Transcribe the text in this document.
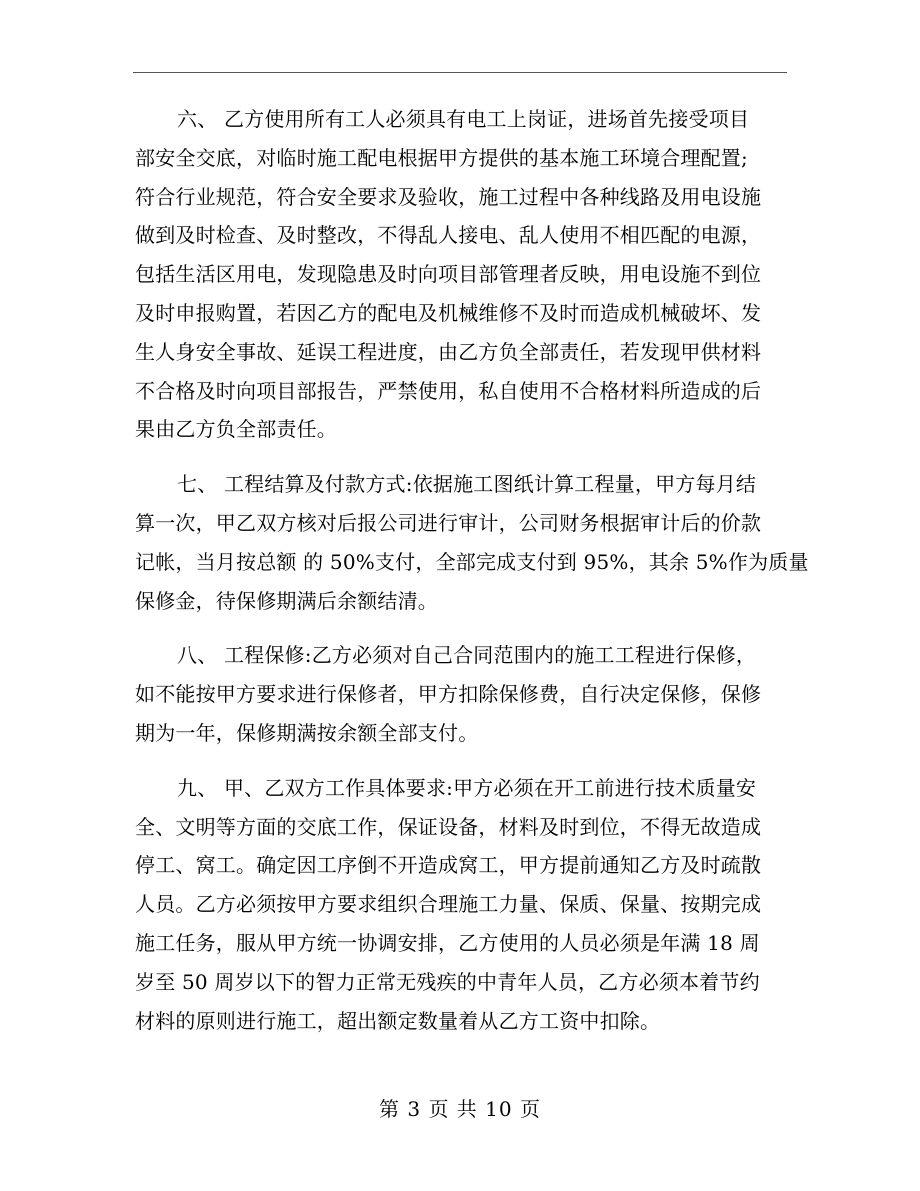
六、 乙方使用所有工人必须具有电工上岗证，进场首先接受项目
部安全交底，对临时施工配电根据甲方提供的基本施工环境合理配置;
符合行业规范，符合安全要求及验收，施工过程中各种线路及用电设施
做到及时检查、及时整改，不得乱人接电、乱人使用不相匹配的电源，
包括生活区用电，发现隐患及时向项目部管理者反映，用电设施不到位
及时申报购置，若因乙方的配电及机械维修不及时而造成机械破坏、发
生人身安全事故、延误工程进度，由乙方负全部责任，若发现甲供材料
不合格及时向项目部报告，严禁使用，私自使用不合格材料所造成的后
果由乙方负全部责任。
七、 工程结算及付款方式:依据施工图纸计算工程量，甲方每月结
算一次，甲乙双方核对后报公司进行审计，公司财务根据审计后的价款
记帐，当月按总额 的 50%支付，全部完成支付到 95%，其余 5%作为质量
保修金，待保修期满后余额结清。
八、 工程保修:乙方必须对自己合同范围内的施工工程进行保修，
如不能按甲方要求进行保修者，甲方扣除保修费，自行决定保修，保修
期为一年，保修期满按余额全部支付。
九、 甲、乙双方工作具体要求:甲方必须在开工前进行技术质量安
全、文明等方面的交底工作，保证设备，材料及时到位，不得无故造成
停工、窝工。确定因工序倒不开造成窝工，甲方提前通知乙方及时疏散
人员。乙方必须按甲方要求组织合理施工力量、保质、保量、按期完成
施工任务，服从甲方统一协调安排，乙方使用的人员必须是年满 18 周
岁至 50 周岁以下的智力正常无残疾的中青年人员，乙方必须本着节约
材料的原则进行施工，超出额定数量着从乙方工资中扣除。
第 3 页 共 10 页
